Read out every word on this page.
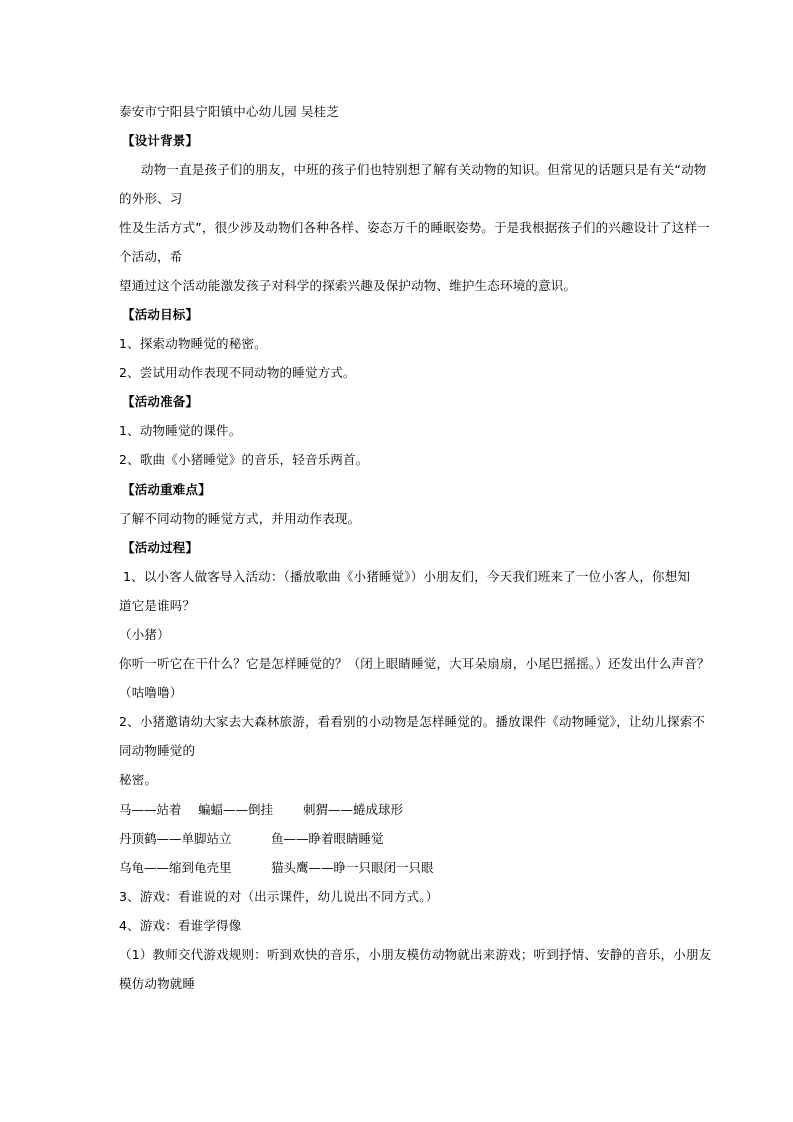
泰安市宁阳县宁阳镇中心幼儿园 吴桂芝
【设计背景】
动物一直是孩子们的朋友，中班的孩子们也特别想了解有关动物的知识。但常见的话题只是有关“动物
的外形、习
性及生活方式”，很少涉及动物们各种各样、姿态万千的睡眠姿势。于是我根据孩子们的兴趣设计了这样一
个活动，希
望通过这个活动能激发孩子对科学的探索兴趣及保护动物、维护生态环境的意识。
【活动目标】
1、探索动物睡觉的秘密。
2、尝试用动作表现不同动物的睡觉方式。
【活动准备】
1、动物睡觉的课件。
2、歌曲《小猪睡觉》的音乐，轻音乐两首。
【活动重难点】
了解不同动物的睡觉方式，并用动作表现。
【活动过程】
1、以小客人做客导入活动：（播放歌曲《小猪睡觉》）小朋友们，今天我们班来了一位小客人，你想知
道它是谁吗？
（小猪）
你听一听它在干什么？它是怎样睡觉的？（闭上眼睛睡觉，大耳朵扇扇，小尾巴摇摇。）还发出什么声音？
（咕噜噜）
2、小猪邀请幼大家去大森林旅游，看看别的小动物是怎样睡觉的。播放课件《动物睡觉》，让幼儿探索不
同动物睡觉的
秘密。
马——站着 蝙蝠——倒挂 刺猬——蜷成球形
丹顶鹤——单脚站立	鱼——睁着眼睛睡觉
乌龟——缩到龟壳里	猫头鹰——睁一只眼闭一只眼
3、游戏：看谁说的对（出示课件，幼儿说出不同方式。）
4、游戏：看谁学得像
（1）教师交代游戏规则：听到欢快的音乐，小朋友模仿动物就出来游戏；听到抒情、安静的音乐，小朋友
模仿动物就睡
